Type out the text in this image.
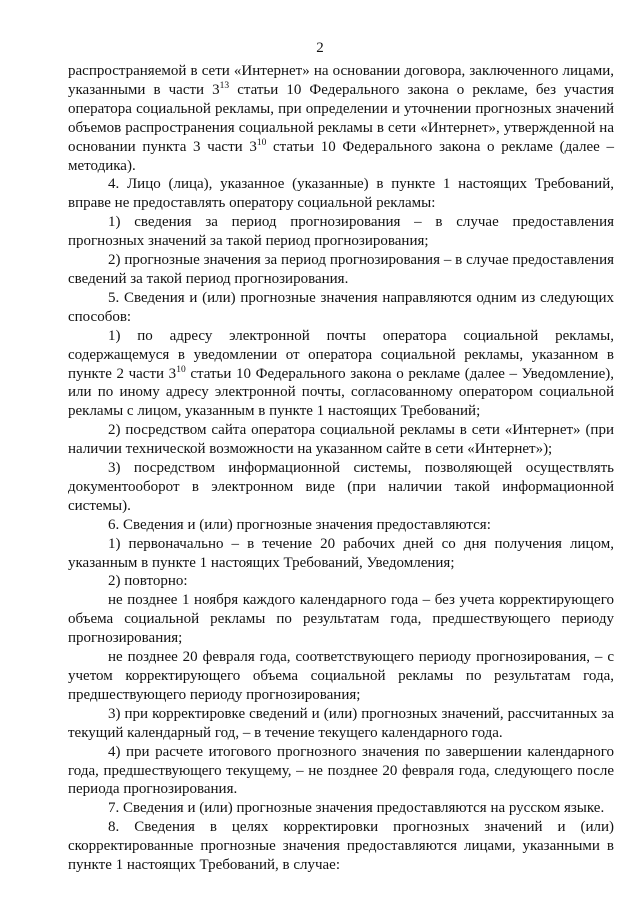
2

распространяемой в сети «Интернет» на основании договора, заключенного лицами, указанными в части $3^{13}$ статьи 10 Федерального закона о рекламе, без участия оператора социальной рекламы, при определении и уточнении прогнозных значений объемов распространения социальной рекламы в сети «Интернет», утвержденной на основании пункта 3 части $3^{10}$ статьи 10 Федерального закона о рекламе (далее – методика).

4. Лицо (лица), указанное (указанные) в пункте 1 настоящих Требований, вправе не предоставлять оператору социальной рекламы:

1) сведения за период прогнозирования – в случае предоставления прогнозных значений за такой период прогнозирования;

2) прогнозные значения за период прогнозирования – в случае предоставления сведений за такой период прогнозирования.

5. Сведения и (или) прогнозные значения направляются одним из следующих способов:

1) по адресу электронной почты оператора социальной рекламы, содержащемуся в уведомлении от оператора социальной рекламы, указанном в пункте 2 части $3^{10}$ статьи 10 Федерального закона о рекламе (далее – Уведомление), или по иному адресу электронной почты, согласованному оператором социальной рекламы с лицом, указанным в пункте 1 настоящих Требований;

2) посредством сайта оператора социальной рекламы в сети «Интернет» (при наличии технической возможности на указанном сайте в сети «Интернет»);

3) посредством информационной системы, позволяющей осуществлять документооборот в электронном виде (при наличии такой информационной системы).

6. Сведения и (или) прогнозные значения предоставляются:

1) первоначально – в течение 20 рабочих дней со дня получения лицом, указанным в пункте 1 настоящих Требований, Уведомления;

2) повторно:

не позднее 1 ноября каждого календарного года – без учета корректирующего объема социальной рекламы по результатам года, предшествующего периоду прогнозирования;

не позднее 20 февраля года, соответствующего периоду прогнозирования, – с учетом корректирующего объема социальной рекламы по результатам года, предшествующего периоду прогнозирования;

3) при корректировке сведений и (или) прогнозных значений, рассчитанных за текущий календарный год, – в течение текущего календарного года.

4) при расчете итогового прогнозного значения по завершении календарного года, предшествующего текущему, – не позднее 20 февраля года, следующего после периода прогнозирования.

7. Сведения и (или) прогнозные значения предоставляются на русском языке.

8. Сведения в целях корректировки прогнозных значений и (или) скорректированные прогнозные значения предоставляются лицами, указанными в пункте 1 настоящих Требований, в случае:
